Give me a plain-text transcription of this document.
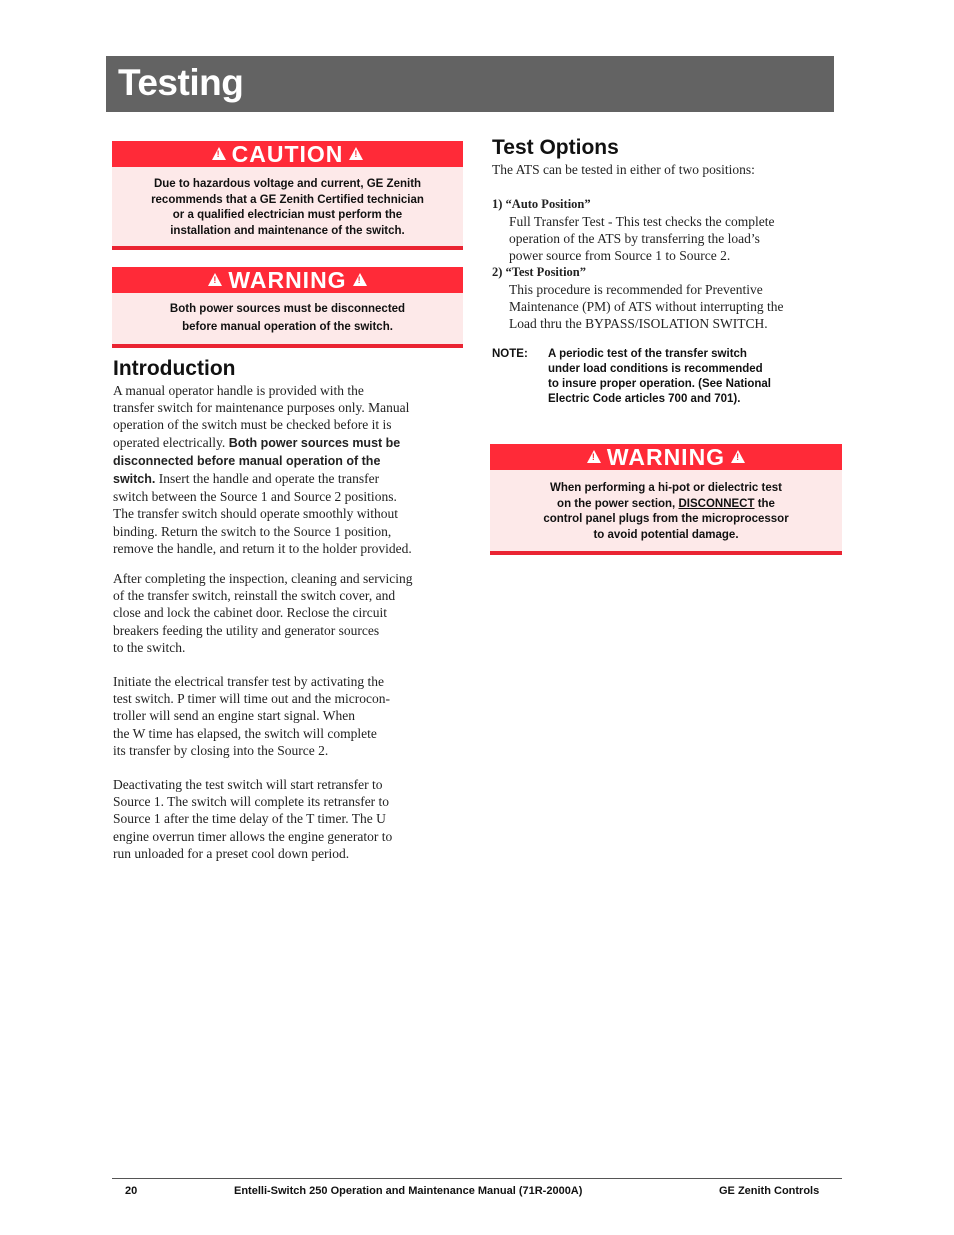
Testing
!CAUTION!
Due to hazardous voltage and current, GE Zenith
recommends that a GE Zenith Certified technician
or a qualified electrician must perform the
installation and maintenance of the switch.
!WARNING!
Both power sources must be disconnected
before manual operation of the switch.
Introduction
A manual operator handle is provided with the
transfer switch for maintenance purposes only. Manual
operation of the switch must be checked before it is
operated electrically. Both power sources must be
disconnected before manual operation of the
switch. Insert the handle and operate the transfer
switch between the Source 1 and Source 2 positions.
The transfer switch should operate smoothly without
binding. Return the switch to the Source 1 position,
remove the handle, and return it to the holder provided.
After completing the inspection, cleaning and servicing
of the transfer switch, reinstall the switch cover, and
close and lock the cabinet door. Reclose the circuit
breakers feeding the utility and generator sources
to the switch.
Initiate the electrical transfer test by activating the
test switch. P timer will time out and the microcon-
troller will send an engine start signal. When
the W time has elapsed, the switch will complete
its transfer by closing into the Source 2.
Deactivating the test switch will start retransfer to
Source 1. The switch will complete its retransfer to
Source 1 after the time delay of the T timer. The U
engine overrun timer allows the engine generator to
run unloaded for a preset cool down period.
Test Options
The ATS can be tested in either of two positions:
1) “Auto Position”
Full Transfer Test - This test checks the complete
operation of the ATS by transferring the load’s
power source from Source 1 to Source 2.
2) “Test Position”
This procedure is recommended for Preventive
Maintenance (PM) of ATS without interrupting the
Load thru the BYPASS/ISOLATION SWITCH.
NOTE: A periodic test of the transfer switch
under load conditions is recommended
to insure proper operation. (See National
Electric Code articles 700 and 701).
!WARNING!
When performing a hi-pot or dielectric test
on the power section, DISCONNECT the
control panel plugs from the microprocessor
to avoid potential damage.
20	Entelli-Switch 250 Operation and Maintenance Manual (71R-2000A)	GE Zenith Controls
